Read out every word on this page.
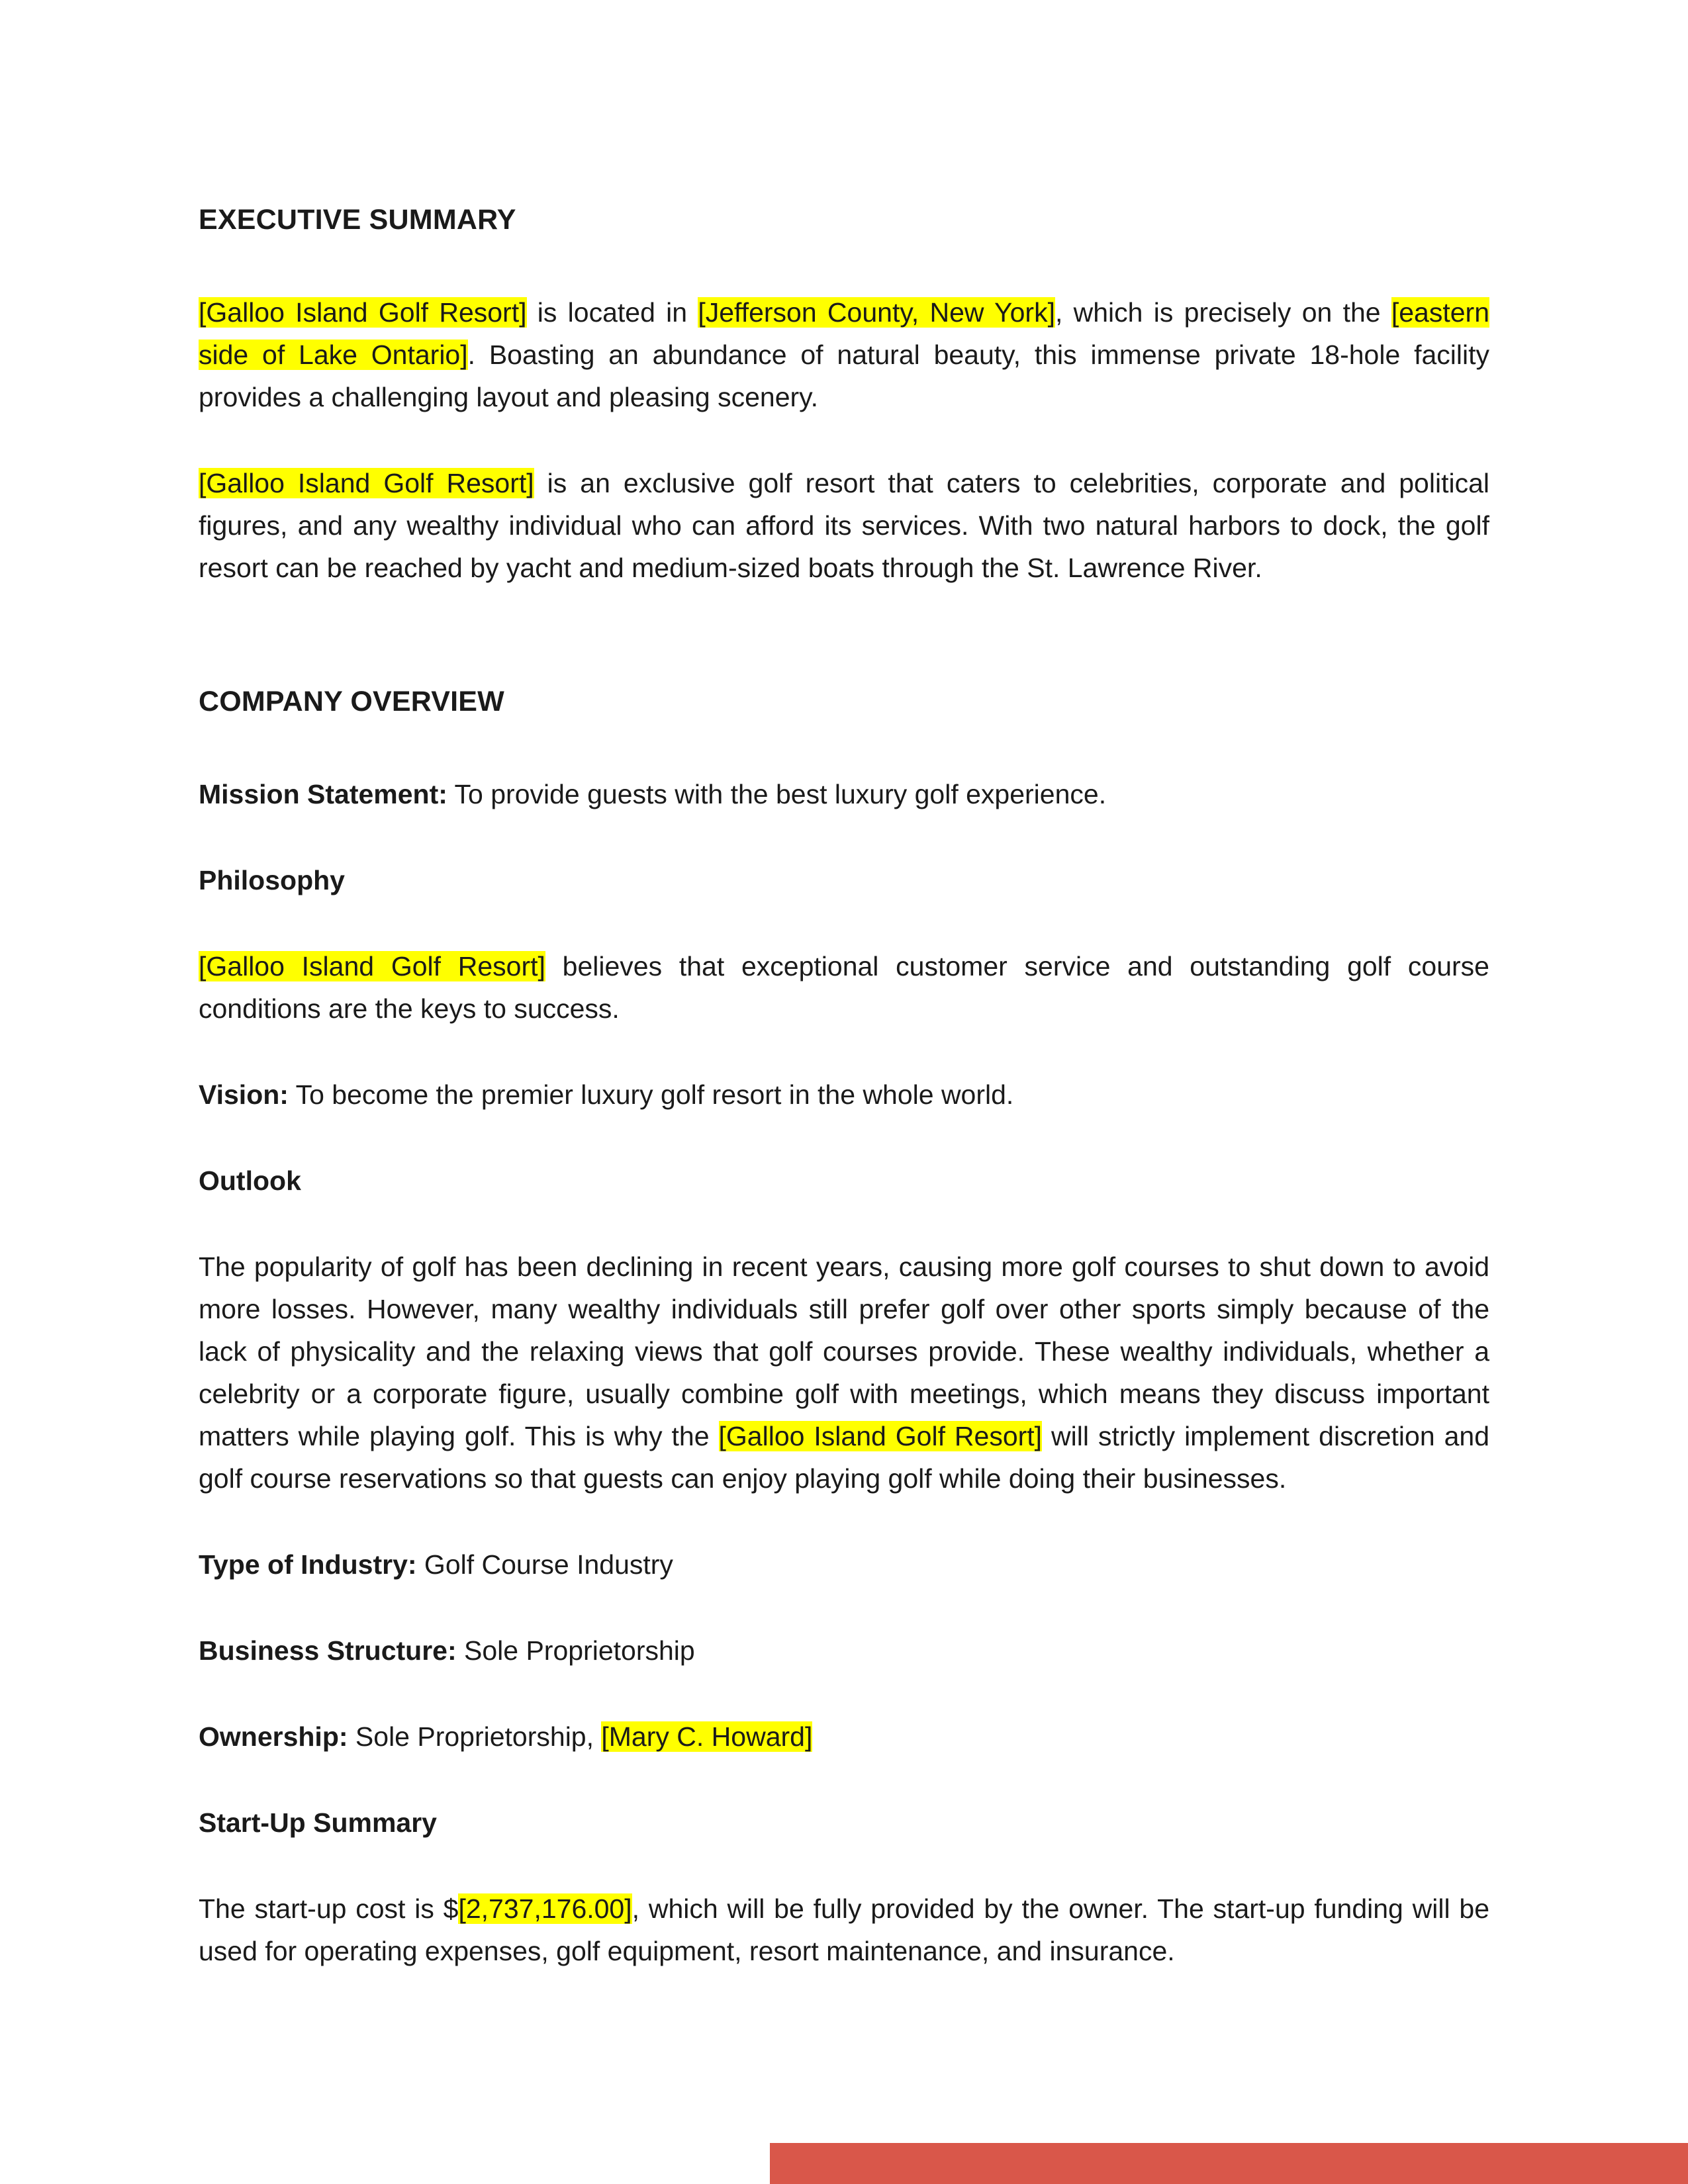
EXECUTIVE SUMMARY

[Galloo Island Golf Resort] is located in [Jefferson County, New York], which is precisely on the [eastern side of Lake Ontario]. Boasting an abundance of natural beauty, this immense private 18-hole facility provides a challenging layout and pleasing scenery.

[Galloo Island Golf Resort] is an exclusive golf resort that caters to celebrities, corporate and political figures, and any wealthy individual who can afford its services. With two natural harbors to dock, the golf resort can be reached by yacht and medium-sized boats through the St. Lawrence River.

COMPANY OVERVIEW

Mission Statement: To provide guests with the best luxury golf experience.

Philosophy

[Galloo Island Golf Resort] believes that exceptional customer service and outstanding golf course conditions are the keys to success.

Vision: To become the premier luxury golf resort in the whole world.

Outlook

The popularity of golf has been declining in recent years, causing more golf courses to shut down to avoid more losses. However, many wealthy individuals still prefer golf over other sports simply because of the lack of physicality and the relaxing views that golf courses provide. These wealthy individuals, whether a celebrity or a corporate figure, usually combine golf with meetings, which means they discuss important matters while playing golf. This is why the [Galloo Island Golf Resort] will strictly implement discretion and golf course reservations so that guests can enjoy playing golf while doing their businesses.

Type of Industry: Golf Course Industry

Business Structure: Sole Proprietorship

Ownership: Sole Proprietorship, [Mary C. Howard]

Start-Up Summary

The start-up cost is $[2,737,176.00], which will be fully provided by the owner. The start-up funding will be used for operating expenses, golf equipment, resort maintenance, and insurance.
